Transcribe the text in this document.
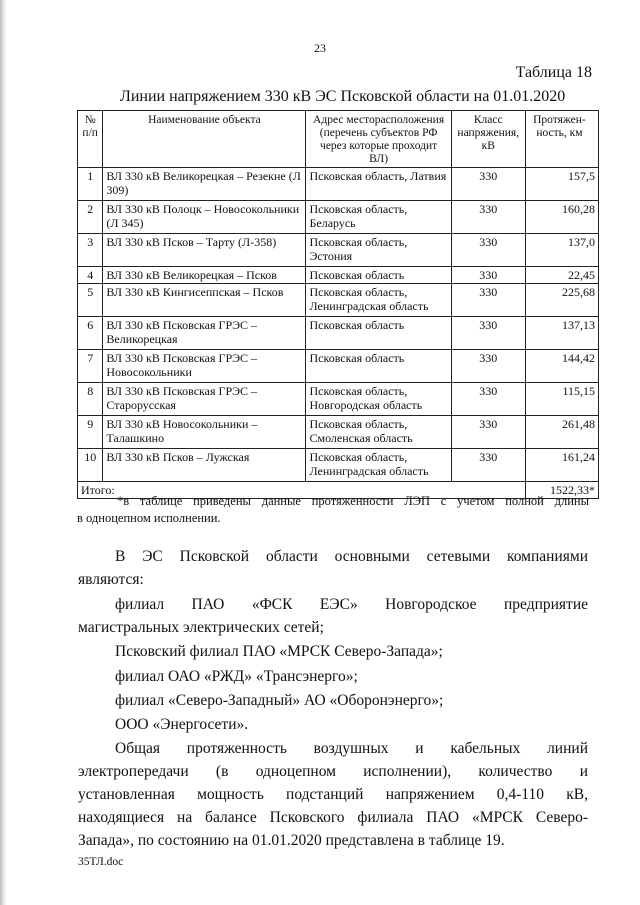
23
Таблица 18
Линии напряжением 330 кВ ЭС Псковской области на 01.01.2020
№ п/п	Наименование объекта	Адрес месторасположения (перечень субъектов РФ через которые проходит ВЛ)	Класс напряжения, кВ	Протяжен-ность, км
1	ВЛ 330 кВ Великорецкая – Резекне (Л 309)	Псковская область, Латвия	330	157,5
2	ВЛ 330 кВ Полоцк – Новосокольники (Л 345)	Псковская область, Беларусь	330	160,28
3	ВЛ 330 кВ Псков – Тарту (Л-358)	Псковская область, Эстония	330	137,0
4	ВЛ 330 кВ Великорецкая – Псков	Псковская область	330	22,45
5	ВЛ 330 кВ Кингисеппская – Псков	Псковская область, Ленинградская область	330	225,68
6	ВЛ 330 кВ Псковская ГРЭС – Великорецкая	Псковская область	330	137,13
7	ВЛ 330 кВ Псковская ГРЭС – Новосокольники	Псковская область	330	144,42
8	ВЛ 330 кВ Псковская ГРЭС – Старорусская	Псковская область, Новгородская область	330	115,15
9	ВЛ 330 кВ Новосокольники – Талашкино	Псковская область, Смоленская область	330	261,48
10	ВЛ 330 кВ Псков – Лужская	Псковская область, Ленинградская область	330	161,24
Итого:				1522,33*
*в таблице приведены данные протяженности ЛЭП с учетом полной длины
в одноцепном исполнении.
В ЭС Псковской области основными сетевыми компаниями
являются:
филиал ПАО «ФСК ЕЭС» Новгородское предприятие
магистральных электрических сетей;
Псковский филиал ПАО «МРСК Северо-Запада»;
филиал ОАО «РЖД» «Трансэнерго»;
филиал «Северо-Западный» АО «Оборонэнерго»;
ООО «Энергосети».
Общая протяженность воздушных и кабельных линий
электропередачи (в одноцепном исполнении), количество и
установленная мощность подстанций напряжением 0,4-110 кВ,
находящиеся на балансе Псковского филиала ПАО «МРСК Северо-
Запада», по состоянию на 01.01.2020 представлена в таблице 19.
35ТЛ.doc
